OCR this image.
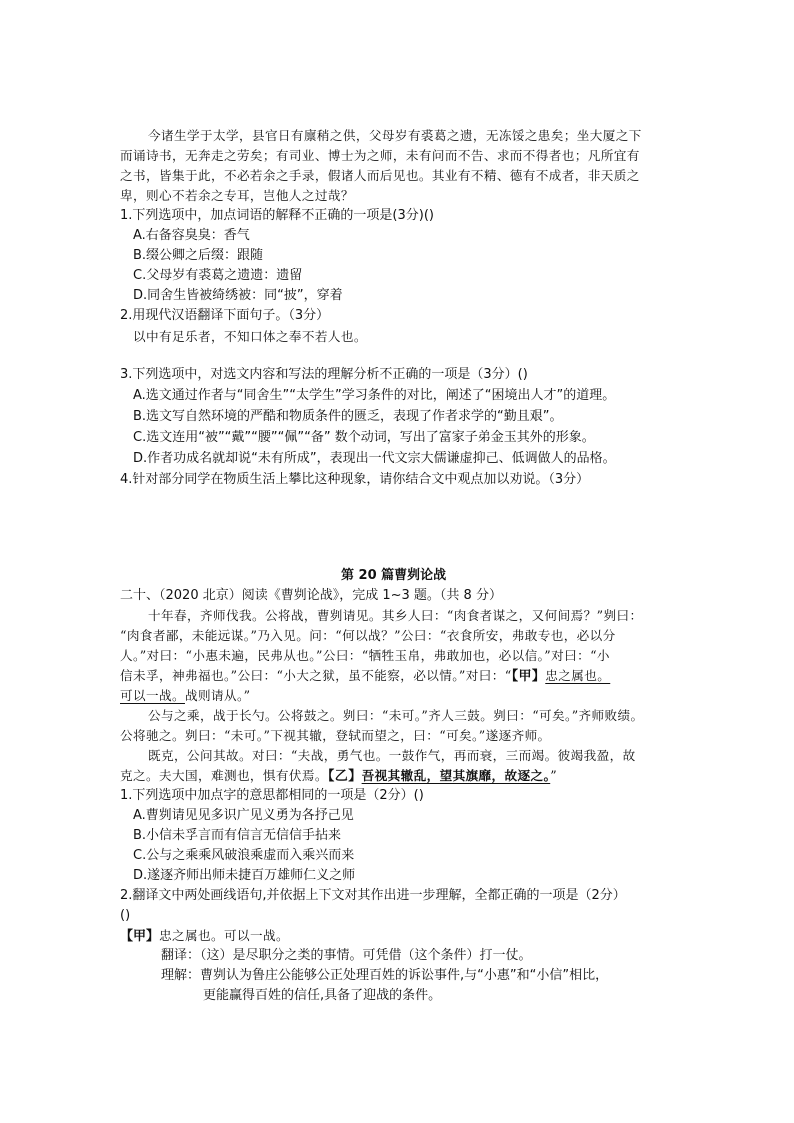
今诸生学于太学，县官日有廪稍之供，父母岁有裘葛之遗，无冻馁之患矣；坐大厦之下
而诵诗书，无奔走之劳矣；有司业、博士为之师，未有问而不告、求而不得者也；凡所宜有
之书，皆集于此，不必若余之手录，假诸人而后见也。其业有不精、德有不成者，非天质之
卑，则心不若余之专耳，岂他人之过哉？
1.下列选项中，加点词语的解释不正确的一项是(3分)()
A.右备容臭臭：香气
B.缀公卿之后缀：跟随
C.父母岁有裘葛之遗遗：遗留
D.同舍生皆被绮绣被：同“披”，穿着
2.用现代汉语翻译下面句子。（3分）
以中有足乐者，不知口体之奉不若人也。
3.下列选项中，对选文内容和写法的理解分析不正确的一项是（3分）()
A.选文通过作者与“同舍生”“太学生”学习条件的对比，阐述了“困境出人才”的道理。
B.选文写自然环境的严酷和物质条件的匮乏，表现了作者求学的“勤且艰”。
C.选文连用“被”“戴”“腰”“佩”“备” 数个动词，写出了富家子弟金玉其外的形象。
D.作者功成名就却说“未有所成”，表现出一代文宗大儒谦虚抑己、低调做人的品格。
4.针对部分同学在物质生活上攀比这种现象，请你结合文中观点加以劝说。（3分）
第 20 篇曹刿论战
二十、（2020 北京）阅读《曹刿论战》，完成 1~3 题。（共 8 分）
十年春，齐师伐我。公将战，曹刿请见。其乡人曰：“肉食者谋之，又何间焉？”刿曰：
“肉食者鄙，未能远谋。”乃入见。问：“何以战？”公曰：“衣食所安，弗敢专也，必以分
人。”对曰：“小惠未遍，民弗从也。”公曰：“牺牲玉帛，弗敢加也，必以信。”对曰：“小
信未孚，神弗福也。”公曰：“小大之狱，虽不能察，必以情。”对曰：“【甲】忠之属也。
可以一战。战则请从。”
公与之乘，战于长勺。公将鼓之。刿曰：“未可。”齐人三鼓。刿曰：“可矣。”齐师败绩。
公将驰之。刿曰：“未可。”下视其辙，登轼而望之，曰：“可矣。”遂逐齐师。
既克，公问其故。对曰：“夫战，勇气也。一鼓作气，再而衰，三而竭。彼竭我盈，故
克之。夫大国，难测也，惧有伏焉。【乙】吾视其辙乱，望其旗靡，故逐之。”
1.下列选项中加点字的意思都相同的一项是（2分）()
A.曹刿请见见多识广见义勇为各抒己见
B.小信未孚言而有信言无信信手拈来
C.公与之乘乘风破浪乘虚而入乘兴而来
D.遂逐齐师出师未捷百万雄师仁义之师
2.翻译文中两处画线语句,并依据上下文对其作出进一步理解，全都正确的一项是（2分）
()
【甲】忠之属也。可以一战。
翻译：（这）是尽职分之类的事情。可凭借（这个条件）打一仗。
理解：曹刿认为鲁庄公能够公正处理百姓的诉讼事件,与“小惠”和“小信”相比，
更能赢得百姓的信任,具备了迎战的条件。
